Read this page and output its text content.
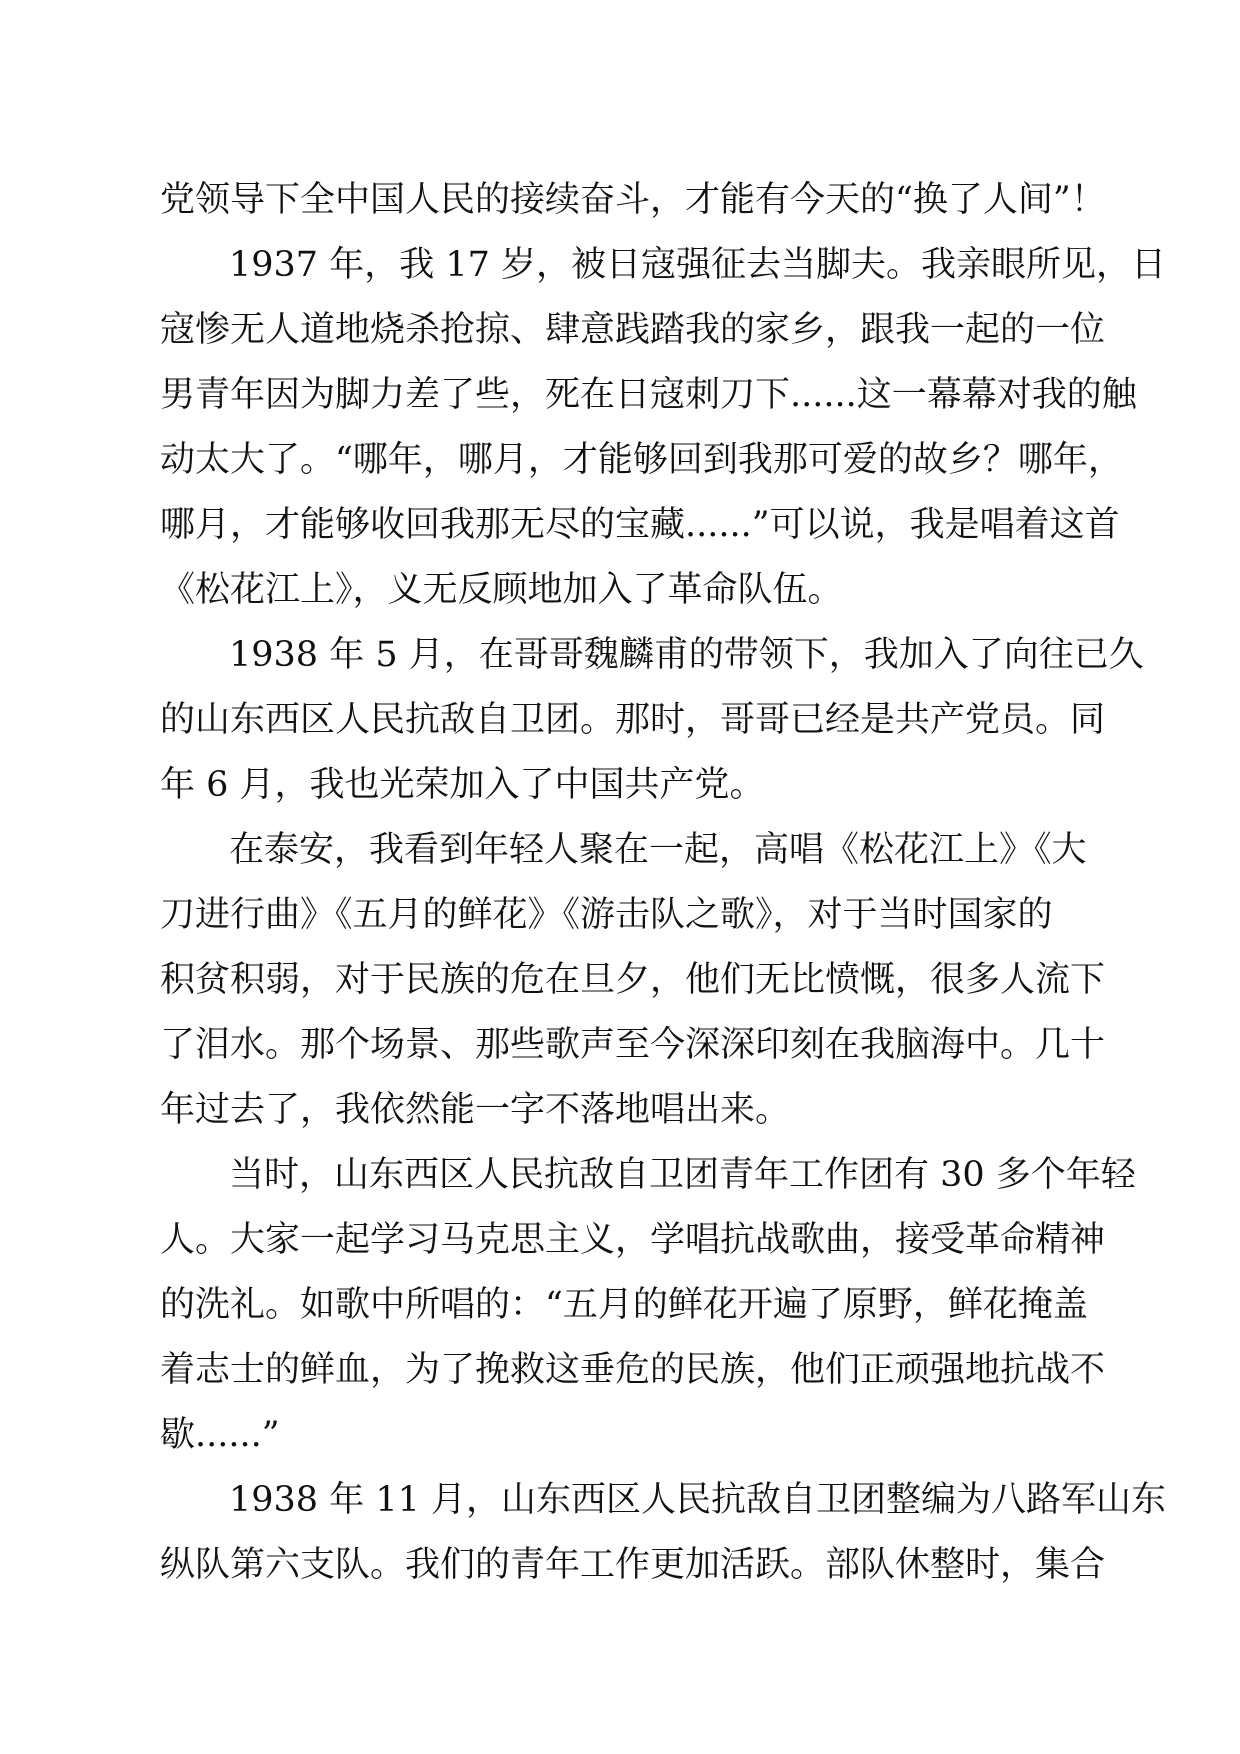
党领导下全中国人民的接续奋斗，才能有今天的“换了人间”！
1937 年，我 17 岁，被日寇强征去当脚夫。我亲眼所见，日
寇惨无人道地烧杀抢掠、肆意践踏我的家乡，跟我一起的一位
男青年因为脚力差了些，死在日寇刺刀下......这一幕幕对我的触
动太大了。“哪年，哪月，才能够回到我那可爱的故乡？哪年，
哪月，才能够收回我那无尽的宝藏......”可以说，我是唱着这首
《松花江上》，义无反顾地加入了革命队伍。
1938 年 5 月，在哥哥魏麟甫的带领下，我加入了向往已久
的山东西区人民抗敌自卫团。那时，哥哥已经是共产党员。同
年 6 月，我也光荣加入了中国共产党。
在泰安，我看到年轻人聚在一起，高唱《松花江上》《大
刀进行曲》《五月的鲜花》《游击队之歌》，对于当时国家的
积贫积弱，对于民族的危在旦夕，他们无比愤慨，很多人流下
了泪水。那个场景、那些歌声至今深深印刻在我脑海中。几十
年过去了，我依然能一字不落地唱出来。
当时，山东西区人民抗敌自卫团青年工作团有 30 多个年轻
人。大家一起学习马克思主义，学唱抗战歌曲，接受革命精神
的洗礼。如歌中所唱的：“五月的鲜花开遍了原野，鲜花掩盖
着志士的鲜血，为了挽救这垂危的民族，他们正顽强地抗战不
歇......”
1938 年 11 月，山东西区人民抗敌自卫团整编为八路军山东
纵队第六支队。我们的青年工作更加活跃。部队休整时，集合
